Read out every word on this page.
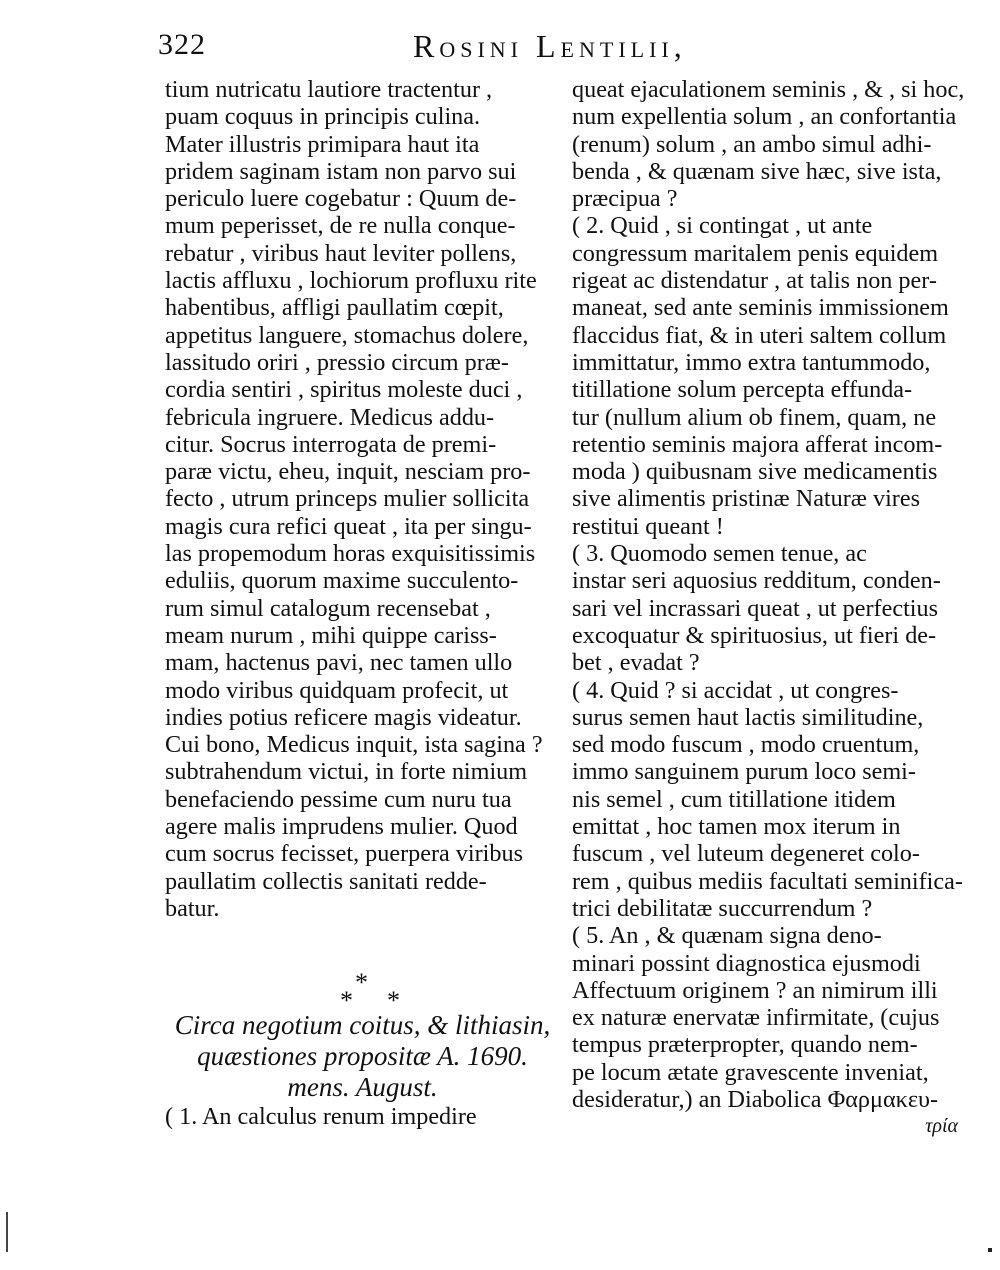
322	Rosini Lentilii,
tium nutricatu lautiore tractentur ,
puam coquus in principis culina.
Mater illustris primipara haut ita
pridem saginam istam non parvo sui
periculo luere cogebatur : Quum de-
mum peperisset, de re nulla conque-
rebatur , viribus haut leviter pollens,
lactis affluxu , lochiorum profluxu rite
habentibus, affligi paullatim cœpit,
appetitus languere, stomachus dolere,
lassitudo oriri , pressio circum præ-
cordia sentiri , spiritus moleste duci ,
febricula ingruere. Medicus addu-
citur. Socrus interrogata de premi-
paræ victu, eheu, inquit, nesciam pro-
fecto , utrum princeps mulier sollicita
magis cura refici queat , ita per singu-
las propemodum horas exquisitissimis
eduliis, quorum maxime succulento-
rum simul catalogum recensebat ,
meam nurum , mihi quippe cariss-
mam, hactenus pavi, nec tamen ullo
modo viribus quidquam profecit, ut
indies potius reficere magis videatur.
Cui bono, Medicus inquit, ista sagina ?
subtrahendum victui, in forte nimium
benefaciendo pessime cum nuru tua
agere malis imprudens mulier. Quod
cum socrus fecisset, puerpera viribus
paullatim collectis sanitati redde-
batur.
*
* *
Circa negotium coitus, & lithiasin,
quæstiones propositæ A. 1690.
mens. August.
( 1. An calculus renum impedire
queat ejaculationem seminis , & , si hoc,
num expellentia solum , an confortantia
(renum) solum , an ambo simul adhi-
benda , & quænam sive hæc, sive ista,
præcipua ?
( 2. Quid , si contingat , ut ante
congressum maritalem penis equidem
rigeat ac distendatur , at talis non per-
maneat, sed ante seminis immissionem
flaccidus fiat, & in uteri saltem collum
immittatur, immo extra tantummodo,
titillatione solum percepta effunda-
tur (nullum alium ob finem, quam, ne
retentio seminis majora afferat incom-
moda ) quibusnam sive medicamentis
sive alimentis pristinæ Naturæ vires
restitui queant !
( 3. Quomodo semen tenue, ac
instar seri aquosius redditum, conden-
sari vel incrassari queat , ut perfectius
excoquatur & spirituosius, ut fieri de-
bet , evadat ?
( 4. Quid ? si accidat , ut congres-
surus semen haut lactis similitudine,
sed modo fuscum , modo cruentum,
immo sanguinem purum loco semi-
nis semel , cum titillatione itidem
emittat , hoc tamen mox iterum in
fuscum , vel luteum degeneret colo-
rem , quibus mediis facultati seminifica-
trici debilitatæ succurrendum ?
( 5. An , & quænam signa deno-
minari possint diagnostica ejusmodi
Affectuum originem ? an nimirum illi
ex naturæ enervatæ infirmitate, (cujus
tempus præterpropter, quando nem-
pe locum ætate gravescente inveniat,
desideratur,) an Diabolica Φαρμακευ-
τρία
